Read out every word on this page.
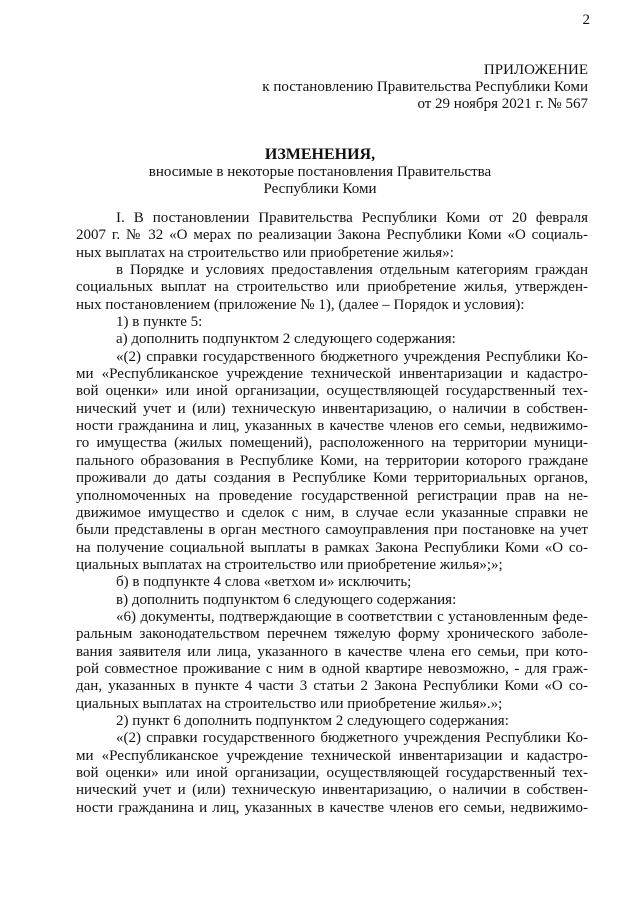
2
ПРИЛОЖЕНИЕ
к постановлению Правительства Республики Коми
от 29 ноября 2021 г. № 567
ИЗМЕНЕНИЯ,
вносимые в некоторые постановления Правительства
Республики Коми
I. В постановлении Правительства Республики Коми от 20 февраля
2007 г. № 32 «О мерах по реализации Закона Республики Коми «О социаль-
ных выплатах на строительство или приобретение жилья»:
в Порядке и условиях предоставления отдельным категориям граждан
социальных выплат на строительство или приобретение жилья, утвержден-
ных постановлением (приложение № 1), (далее – Порядок и условия):
1) в пункте 5:
а) дополнить подпунктом 2 следующего содержания:
«(2) справки государственного бюджетного учреждения Республики Ко-
ми «Республиканское учреждение технической инвентаризации и кадастро-
вой оценки» или иной организации, осуществляющей государственный тех-
нический учет и (или) техническую инвентаризацию, о наличии в собствен-
ности гражданина и лиц, указанных в качестве членов его семьи, недвижимо-
го имущества (жилых помещений), расположенного на территории муници-
пального образования в Республике Коми, на территории которого граждане
проживали до даты создания в Республике Коми территориальных органов,
уполномоченных на проведение государственной регистрации прав на не-
движимое имущество и сделок с ним, в случае если указанные справки не
были представлены в орган местного самоуправления при постановке на учет
на получение социальной выплаты в рамках Закона Республики Коми «О со-
циальных выплатах на строительство или приобретение жилья»;»;
б) в подпункте 4 слова «ветхом и» исключить;
в) дополнить подпунктом 6 следующего содержания:
«6) документы, подтверждающие в соответствии с установленным феде-
ральным законодательством перечнем тяжелую форму хронического заболе-
вания заявителя или лица, указанного в качестве члена его семьи, при кото-
рой совместное проживание с ним в одной квартире невозможно, - для граж-
дан, указанных в пункте 4 части 3 статьи 2 Закона Республики Коми «О со-
циальных выплатах на строительство или приобретение жилья».»;
2) пункт 6 дополнить подпунктом 2 следующего содержания:
«(2) справки государственного бюджетного учреждения Республики Ко-
ми «Республиканское учреждение технической инвентаризации и кадастро-
вой оценки» или иной организации, осуществляющей государственный тех-
нический учет и (или) техническую инвентаризацию, о наличии в собствен-
ности гражданина и лиц, указанных в качестве членов его семьи, недвижимо-
